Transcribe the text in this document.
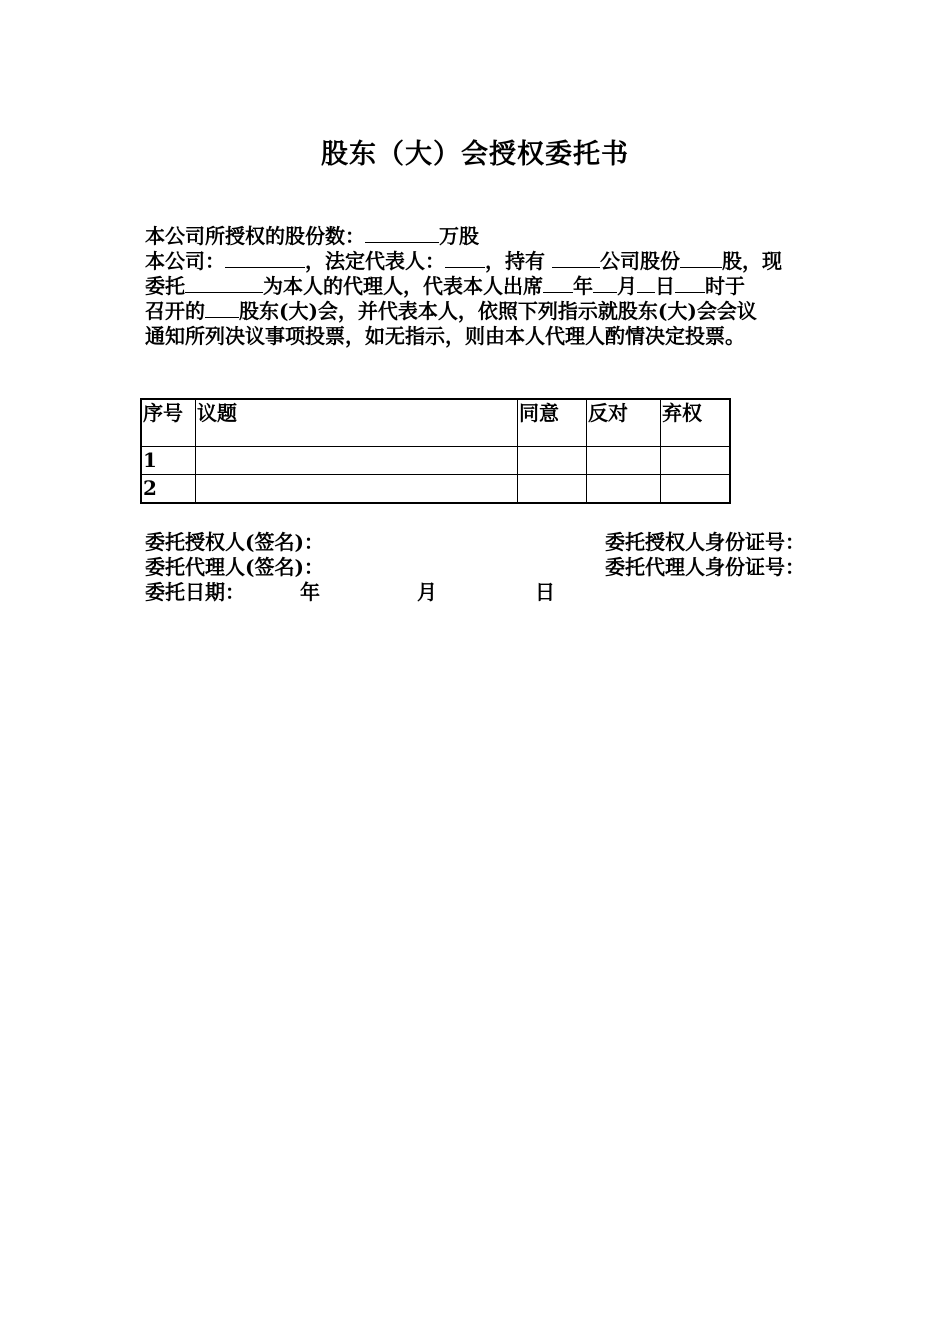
股东（大）会授权委托书
本公司所授权的股份数：	万股
本公司：	，法定代表人： ，持有	公司股份 股，现
委托	为本人的代理人，代表本人出席 年 月 日 时于
召开的 股东(大)会，并代表本人，依照下列指示就股东(大)会会议
通知所列决议事项投票，如无指示，则由本人代理人酌情决定投票。
序号	议题	同意	反对	弃权
1				
2				
委托授权人(签名)：
委托代理人(签名)：
委托授权人身份证号：
委托代理人身份证号：
委托日期：	年	月	日
